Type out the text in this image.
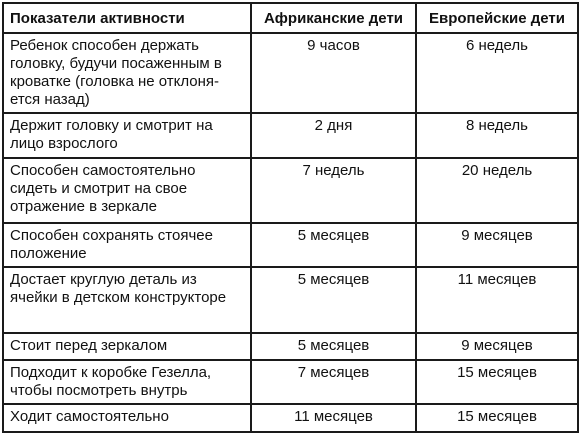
Показатели активности	Африканские дети	Европейские дети
Ребенок способен держать головку, будучи посаженным в кроватке (головка не отклоня-ется назад)	9 часов	6 недель
Держит головку и смотрит на лицо взрослого	2 дня	8 недель
Способен самостоятельно сидеть и смотрит на свое отражение в зеркале	7 недель	20 недель
Способен сохранять стоячее положение	5 месяцев	9 месяцев
Достает круглую деталь из ячейки в детском конструкторе	5 месяцев	11 месяцев
Стоит перед зеркалом	5 месяцев	9 месяцев
Подходит к коробке Гезелла, чтобы посмотреть внутрь	7 месяцев	15 месяцев
Ходит самостоятельно	11 месяцев	15 месяцев
